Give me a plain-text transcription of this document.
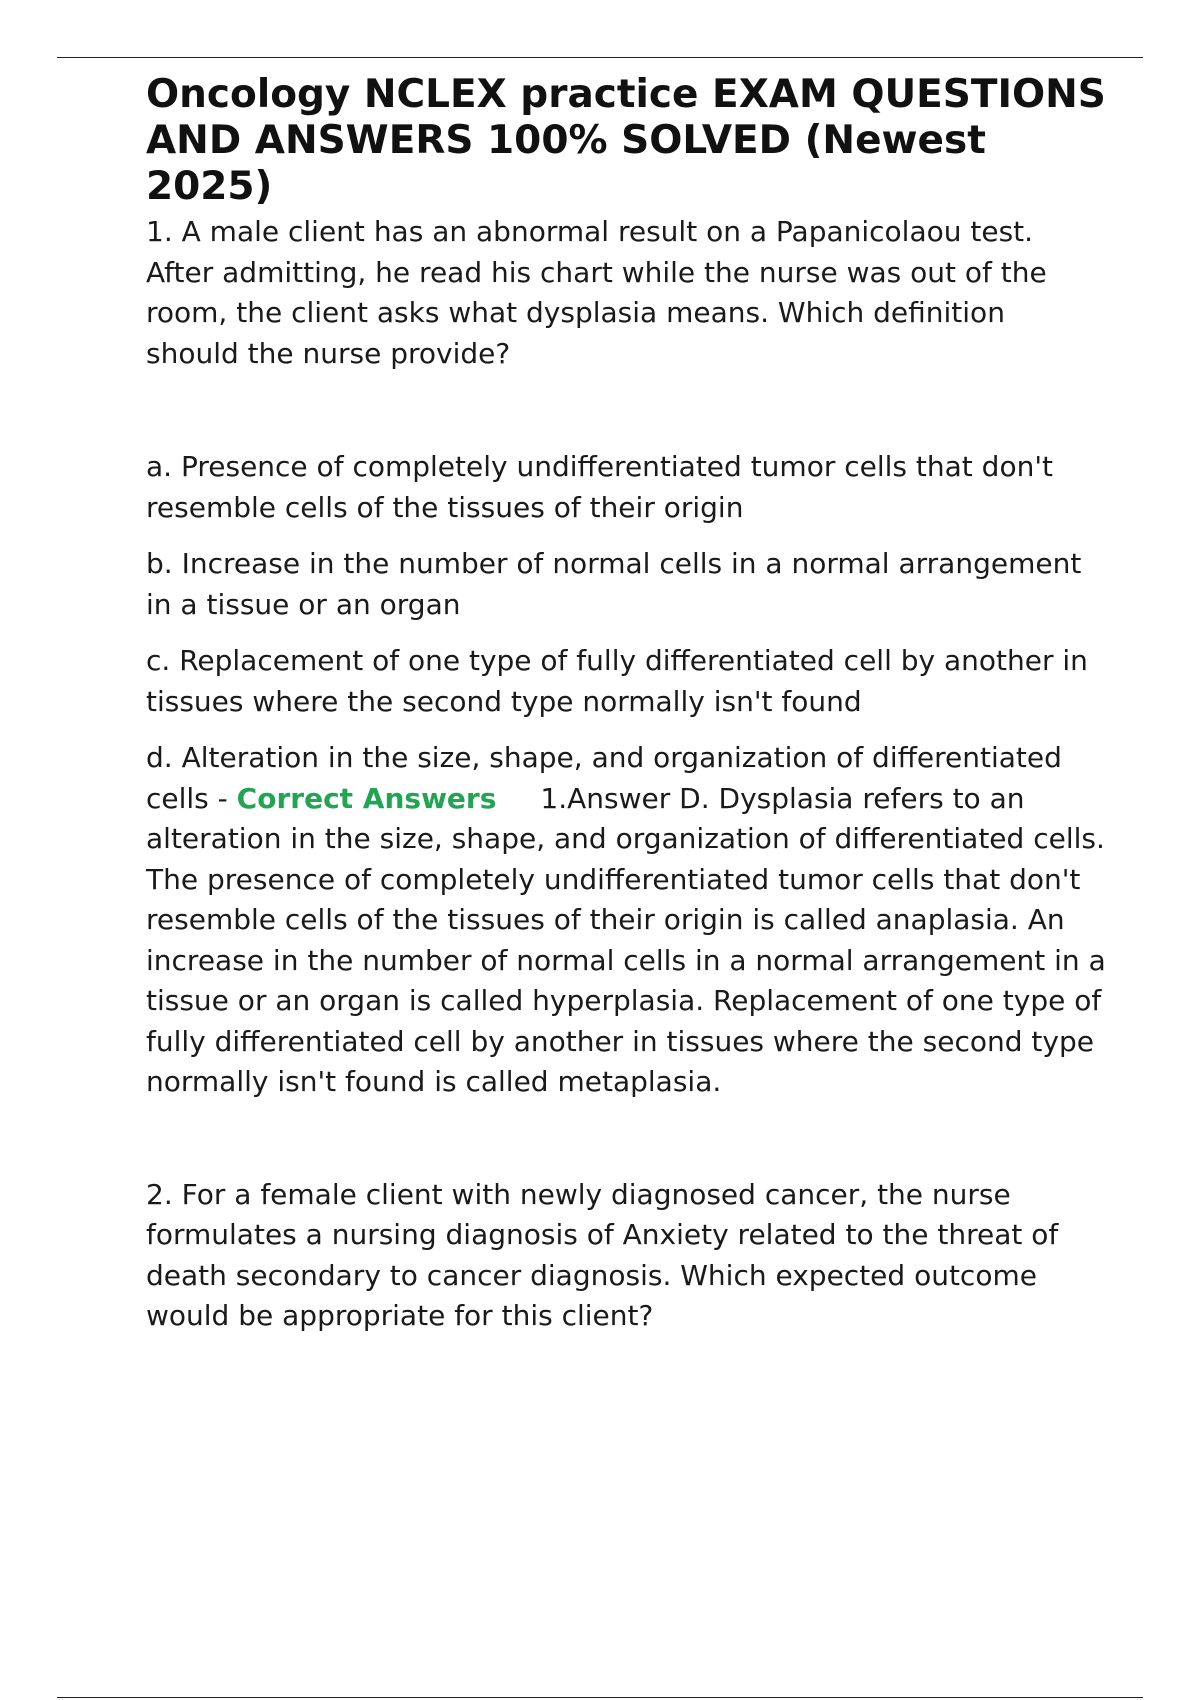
Oncology NCLEX practice EXAM QUESTIONS AND ANSWERS 100% SOLVED (Newest 2025)

1. A male client has an abnormal result on a Papanicolaou test. After admitting, he read his chart while the nurse was out of the room, the client asks what dysplasia means. Which definition should the nurse provide?

a. Presence of completely undifferentiated tumor cells that don't resemble cells of the tissues of their origin

b. Increase in the number of normal cells in a normal arrangement in a tissue or an organ

c. Replacement of one type of fully differentiated cell by another in tissues where the second type normally isn't found

d. Alteration in the size, shape, and organization of differentiated cells - Correct Answers 1.Answer D. Dysplasia refers to an alteration in the size, shape, and organization of differentiated cells. The presence of completely undifferentiated tumor cells that don't resemble cells of the tissues of their origin is called anaplasia. An increase in the number of normal cells in a normal arrangement in a tissue or an organ is called hyperplasia. Replacement of one type of fully differentiated cell by another in tissues where the second type normally isn't found is called metaplasia.

2. For a female client with newly diagnosed cancer, the nurse formulates a nursing diagnosis of Anxiety related to the threat of death secondary to cancer diagnosis. Which expected outcome would be appropriate for this client?
